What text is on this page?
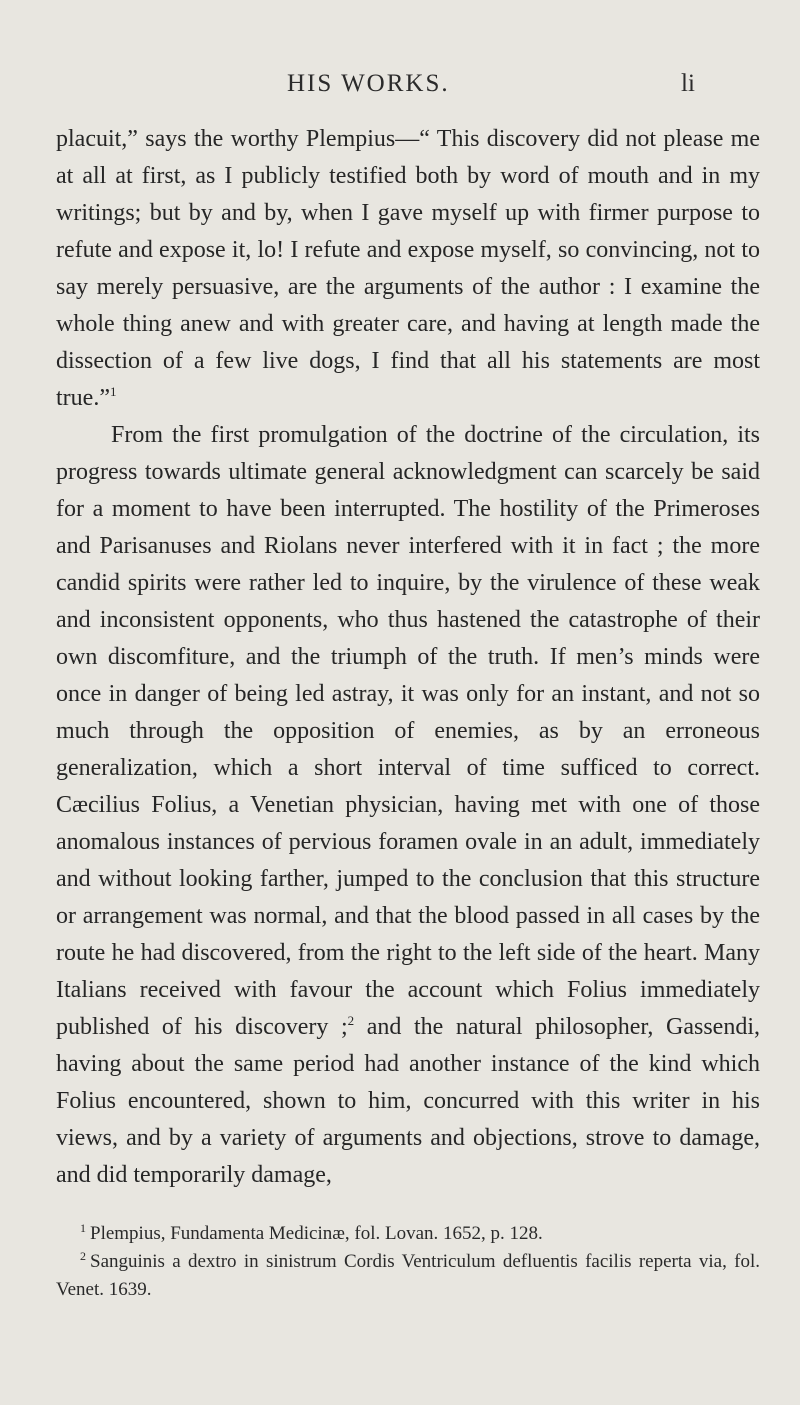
HIS WORKS.	li

placuit,” says the worthy Plempius—“ This discovery did not please me at all at first, as I publicly testified both by word of mouth and in my writings; but by and by, when I gave myself up with firmer purpose to refute and expose it, lo! I refute and expose myself, so convincing, not to say merely persuasive, are the arguments of the author : I examine the whole thing anew and with greater care, and having at length made the dissection of a few live dogs, I find that all his statements are most true.”$^1$

From the first promulgation of the doctrine of the circulation, its progress towards ultimate general acknowledgment can scarcely be said for a moment to have been interrupted. The hostility of the Primeroses and Parisanuses and Riolans never interfered with it in fact ; the more candid spirits were rather led to inquire, by the virulence of these weak and inconsistent opponents, who thus hastened the catastrophe of their own discomfiture, and the triumph of the truth. If men’s minds were once in danger of being led astray, it was only for an instant, and not so much through the opposition of enemies, as by an erroneous generalization, which a short interval of time sufficed to correct. Cæcilius Folius, a Venetian physician, having met with one of those anomalous instances of pervious foramen ovale in an adult, immediately and without looking farther, jumped to the conclusion that this structure or arrangement was normal, and that the blood passed in all cases by the route he had discovered, from the right to the left side of the heart. Many Italians received with favour the account which Folius immediately published of his discovery ;$^2$ and the natural philosopher, Gassendi, having about the same period had another instance of the kind which Folius encountered, shown to him, concurred with this writer in his views, and by a variety of arguments and objections, strove to damage, and did temporarily damage,

$^1$ Plempius, Fundamenta Medicinæ, fol. Lovan. 1652, p. 128.

$^2$ Sanguinis a dextro in sinistrum Cordis Ventriculum defluentis facilis reperta via, fol. Venet. 1639.
